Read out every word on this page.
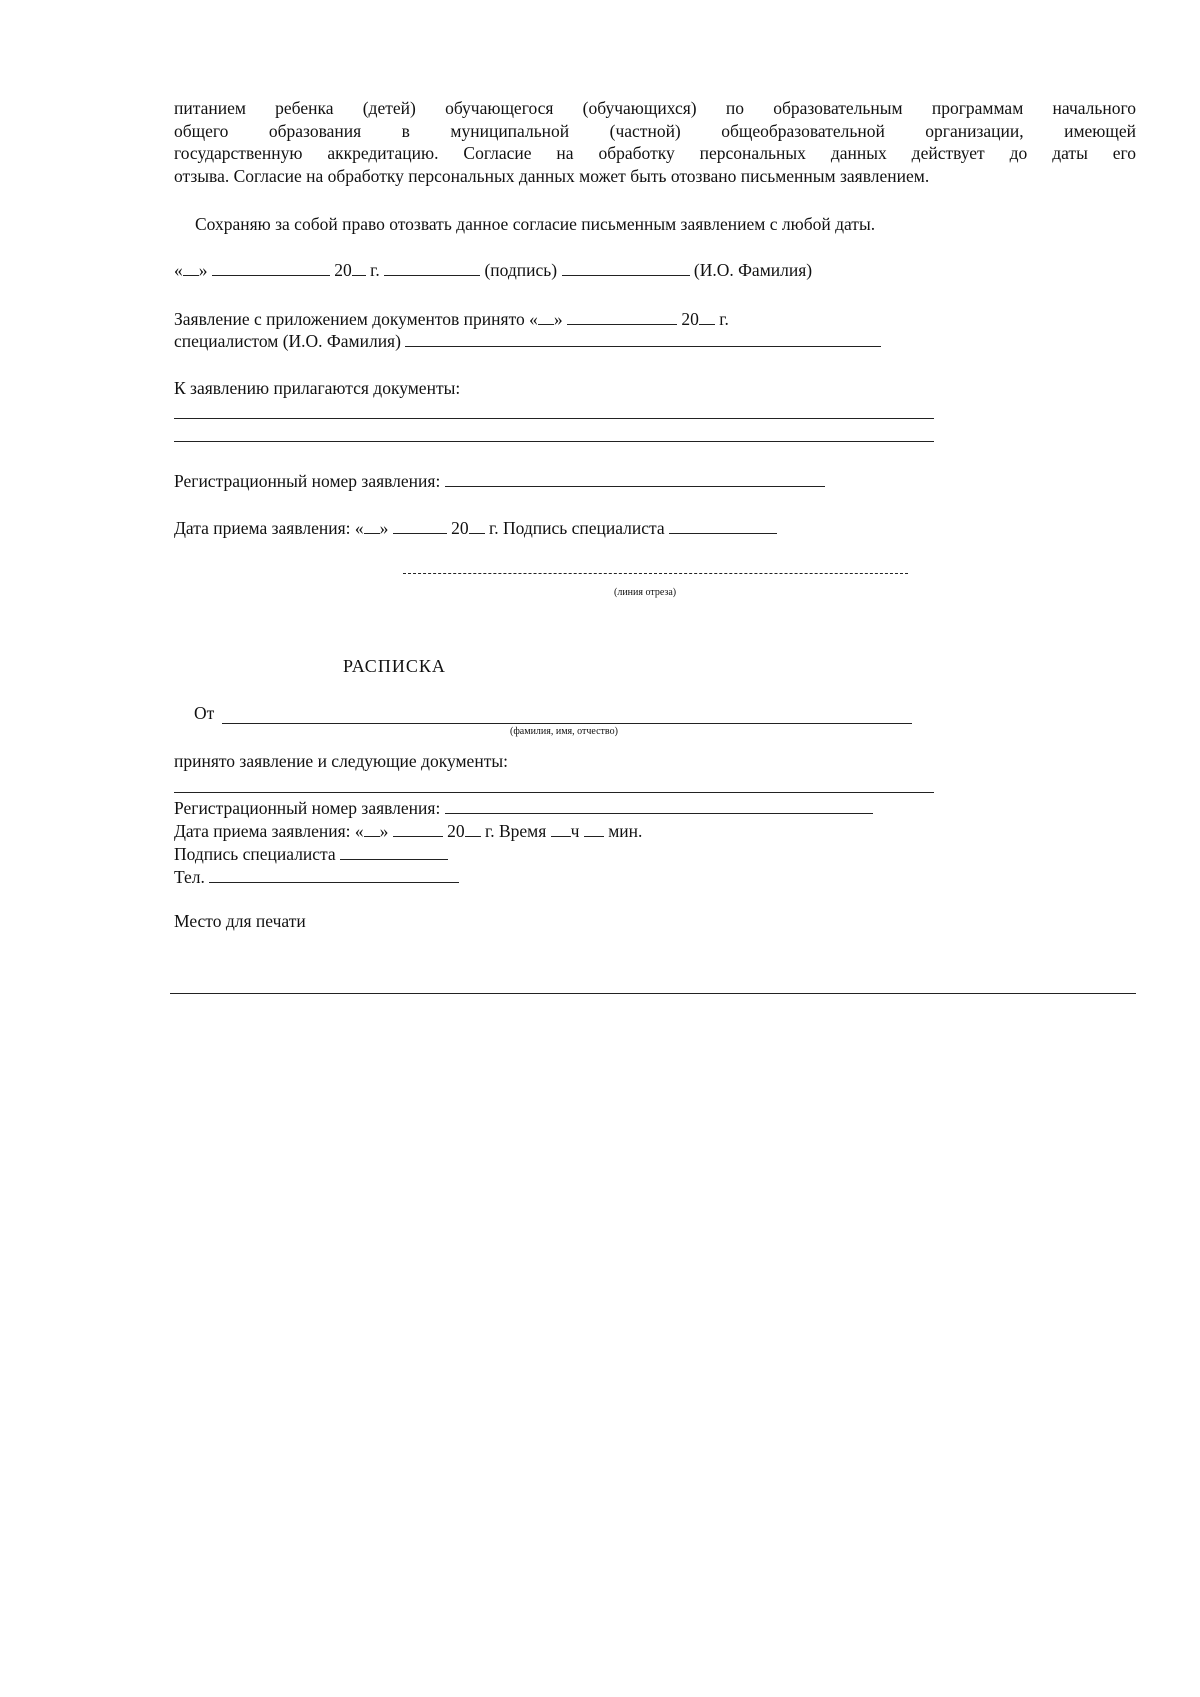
питанием ребенка (детей) обучающегося (обучающихся) по образовательным программам начального
общего образования в муниципальной (частной) общеобразовательной организации, имеющей
государственную аккредитацию. Согласие на обработку персональных данных действует до даты его
отзыва. Согласие на обработку персональных данных может быть отозвано письменным заявлением.
Сохраняю за собой право отозвать данное согласие письменным заявлением с любой даты.
« »	20 г.	(подпись)	(И.О. Фамилия)
Заявление с приложением документов принято « »	20 г.
специалистом (И.О. Фамилия)
К заявлению прилагаются документы:
Регистрационный номер заявления:
Дата приема заявления: « »	20 г. Подпись специалиста
(линия отреза)
РАСПИСКА
От
(фамилия, имя, отчество)
принято заявление и следующие документы:
Регистрационный номер заявления:
Дата приема заявления: « »	20 г. Время ч мин.
Подпись специалиста
Тел.
Место для печати
